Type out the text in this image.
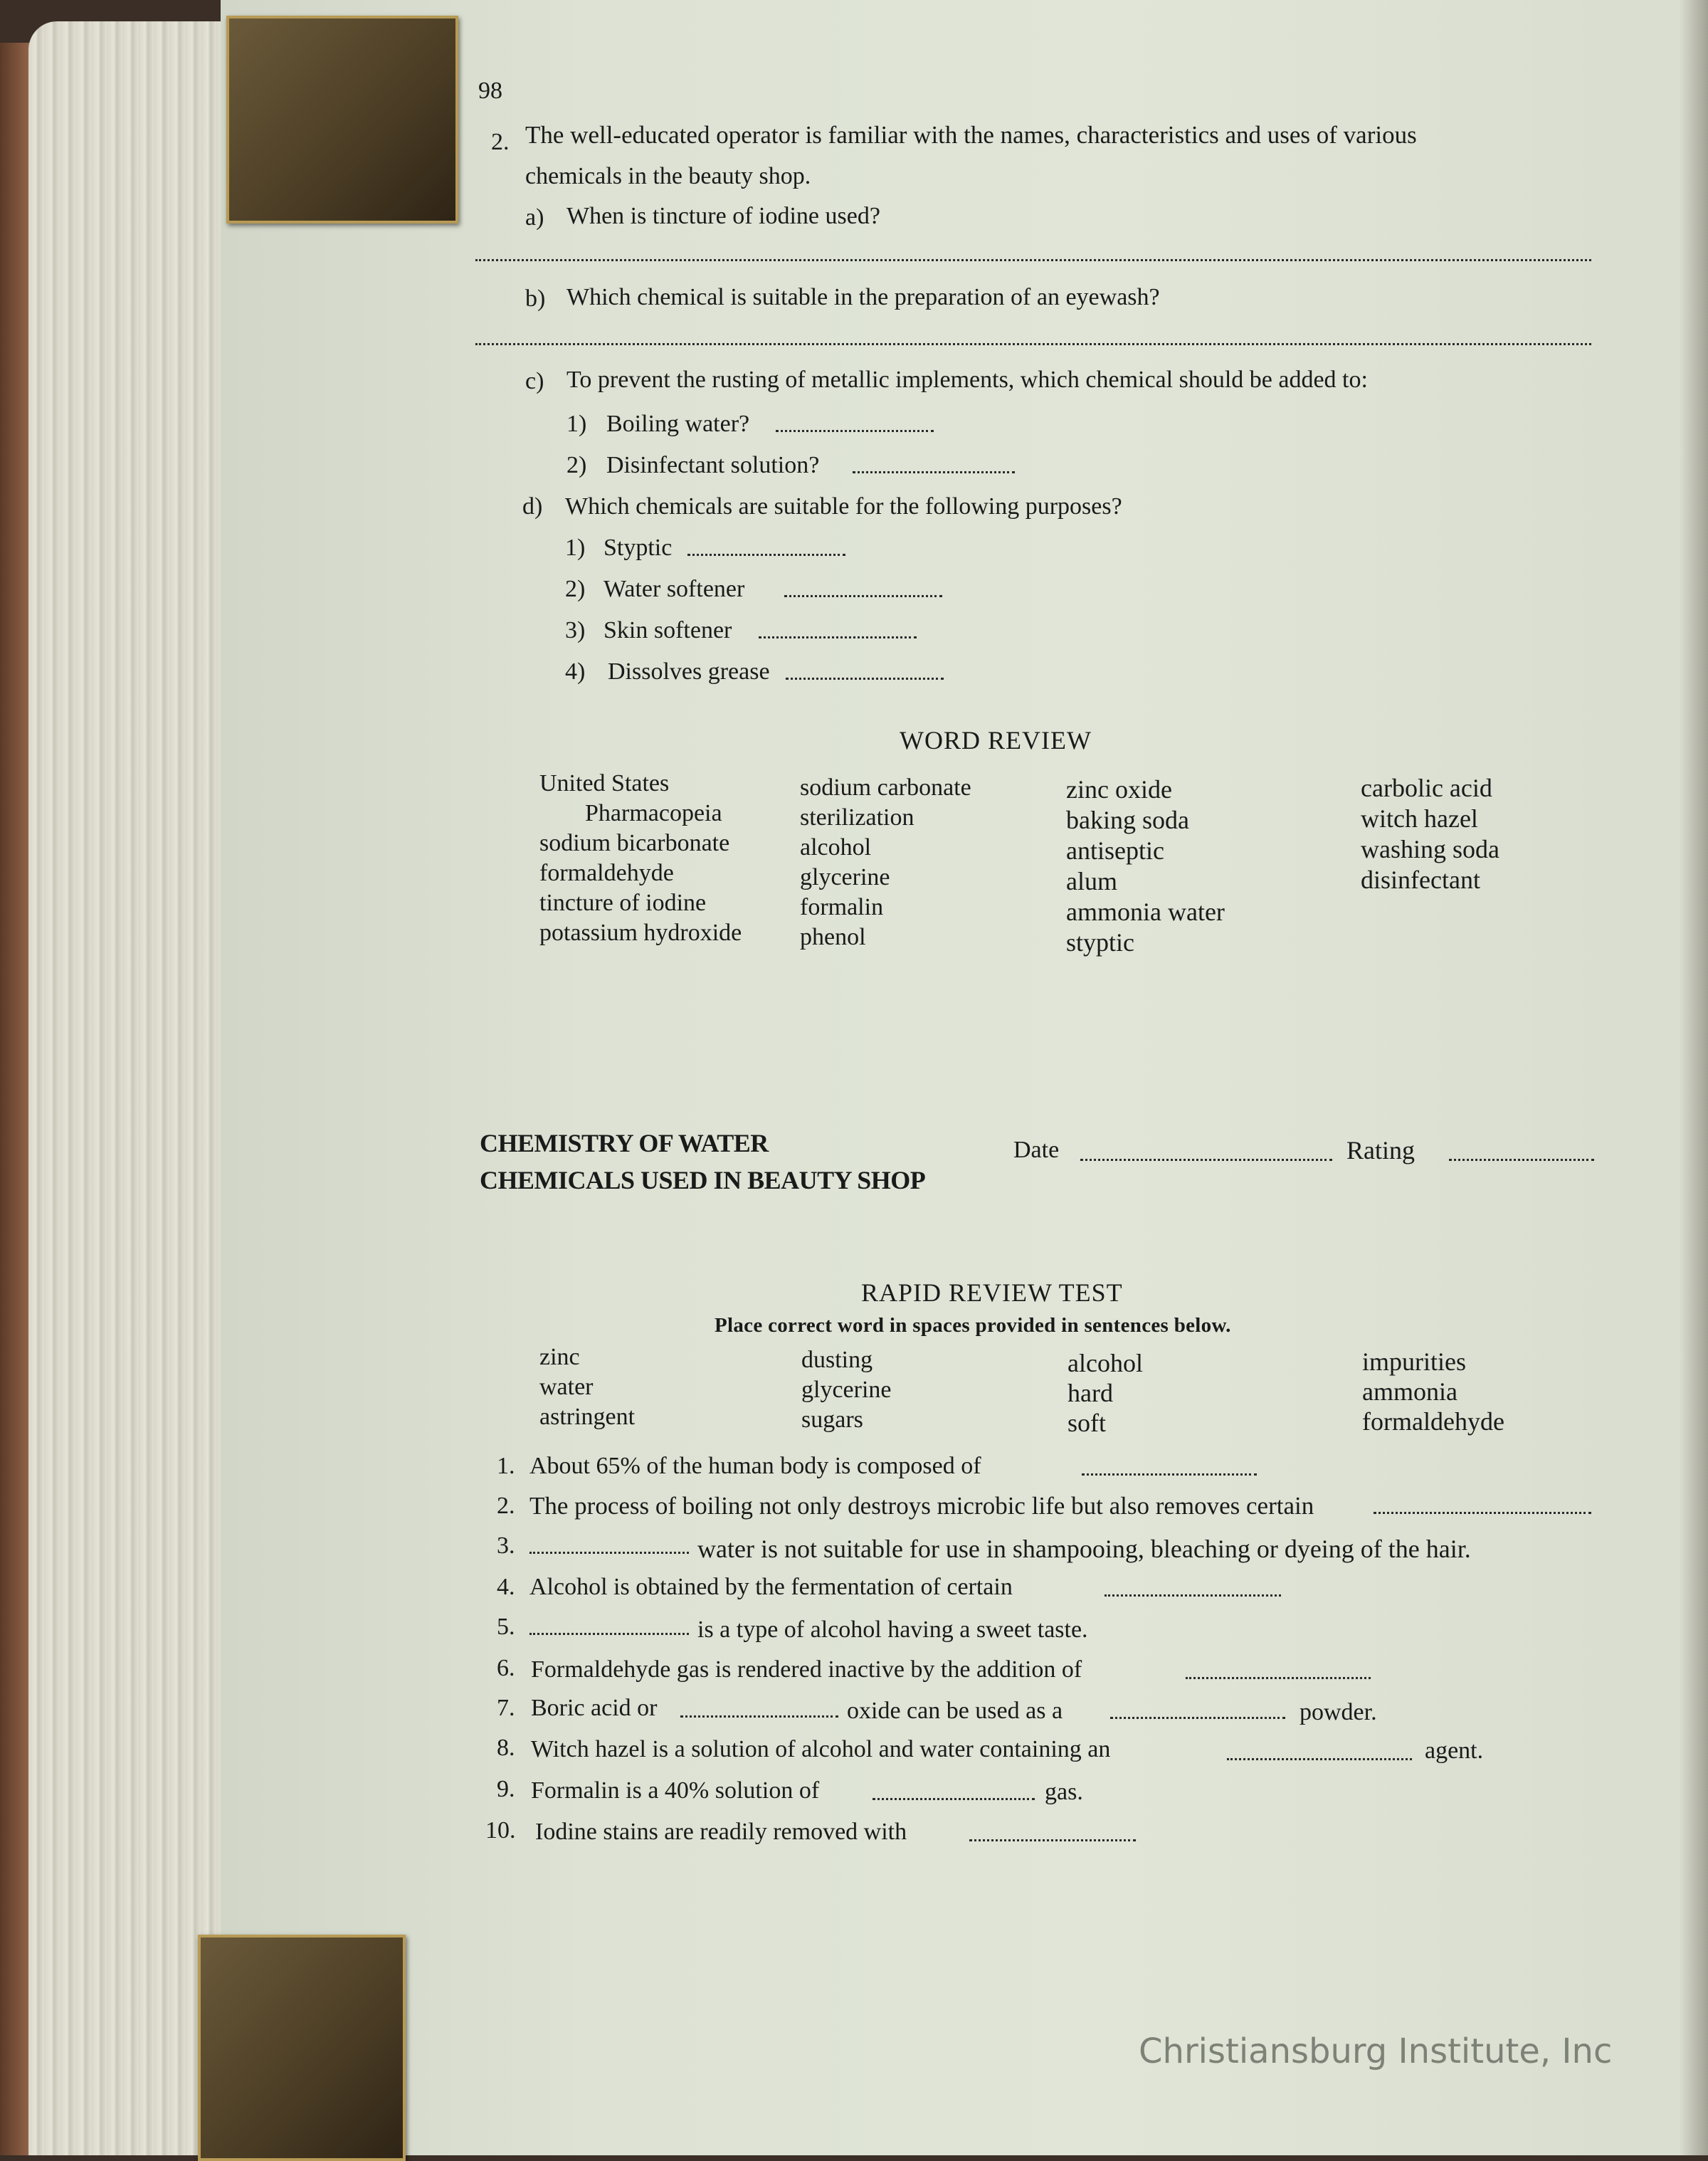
98
2. The well-educated operator is familiar with the names, characteristics and uses of various
chemicals in the beauty shop.
a) When is tincture of iodine used?
b) Which chemical is suitable in the preparation of an eyewash?
c) To prevent the rusting of metallic implements, which chemical should be added to:
1) Boiling water?
2) Disinfectant solution?
d) Which chemicals are suitable for the following purposes?
1) Styptic
2) Water softener
3) Skin softener
4) Dissolves grease
WORD REVIEW
United States
Pharmacopeia
sodium bicarbonate
formaldehyde
tincture of iodine
potassium hydroxide
sodium carbonate
sterilization
alcohol
glycerine
formalin
phenol
zinc oxide
baking soda
antiseptic
alum
ammonia water
styptic
carbolic acid
witch hazel
washing soda
disinfectant
CHEMISTRY OF WATER
CHEMICALS USED IN BEAUTY SHOP
Date	Rating
RAPID REVIEW TEST
Place correct word in spaces provided in sentences below.
zinc
water
astringent
dusting
glycerine
sugars
alcohol
hard
soft
impurities
ammonia
formaldehyde
1. About 65% of the human body is composed of
2. The process of boiling not only destroys microbic life but also removes certain
3.	water is not suitable for use in shampooing, bleaching or dyeing of the hair.
4. Alcohol is obtained by the fermentation of certain
5.	is a type of alcohol having a sweet taste.
6. Formaldehyde gas is rendered inactive by the addition of
7. Boric acid or	oxide can be used as a	powder.
8. Witch hazel is a solution of alcohol and water containing an	agent.
9. Formalin is a 40% solution of	gas.
10. Iodine stains are readily removed with
Christiansburg Institute, Inc
